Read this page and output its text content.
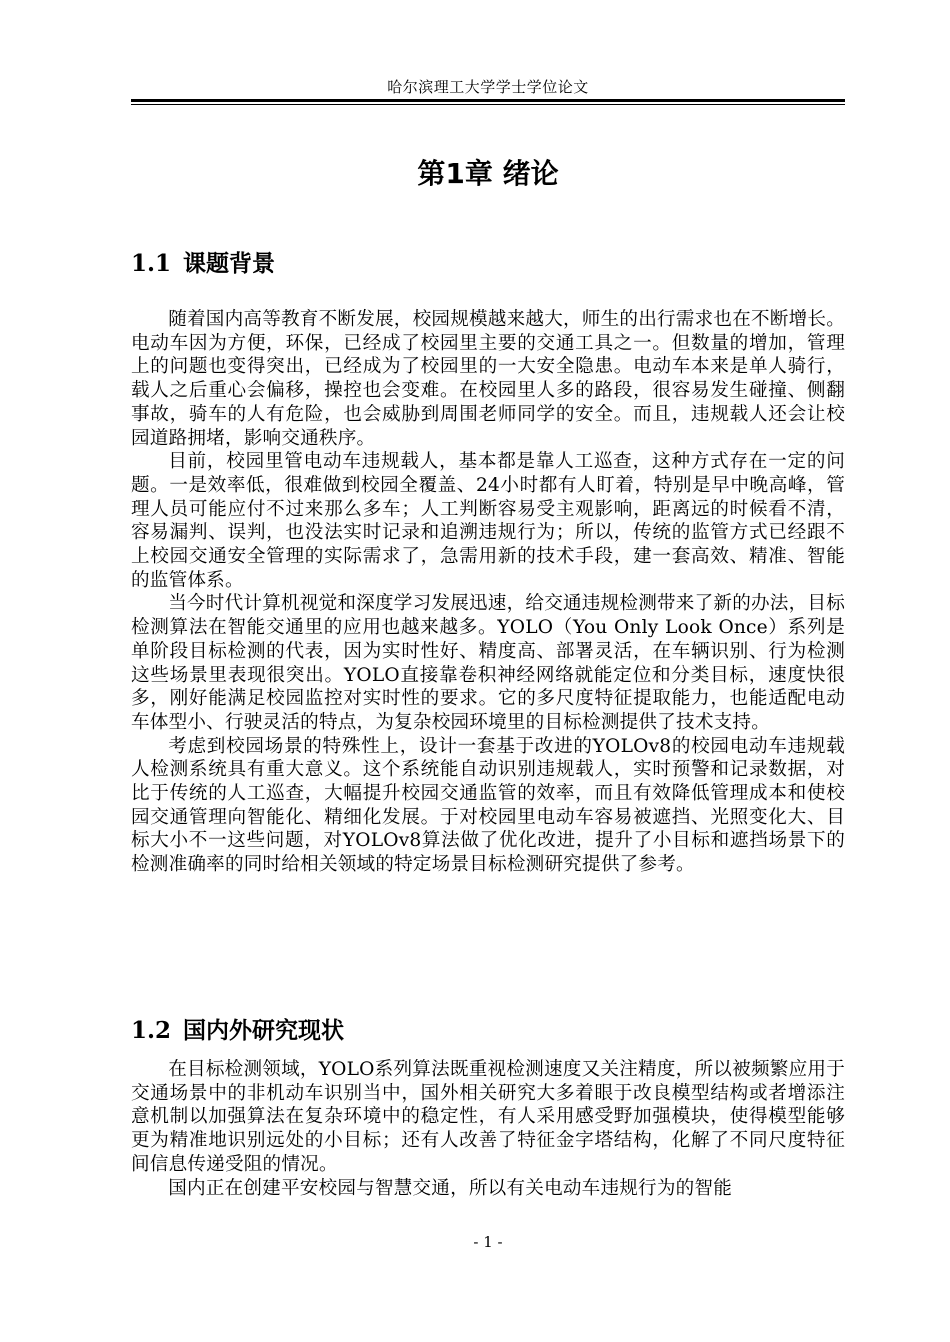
哈尔滨理工大学学士学位论文
第1章 绪论
1.1 课题背景

随着国内高等教育不断发展，校园规模越来越大，师生的出行需求也在不断增长。电动车因为方便，环保，已经成了校园里主要的交通工具之一。但数量的增加，管理上的问题也变得突出，已经成为了校园里的一大安全隐患。电动车本来是单人骑行，载人之后重心会偏移，操控也会变难。在校园里人多的路段，很容易发生碰撞、侧翻事故，骑车的人有危险，也会威胁到周围老师同学的安全。而且，违规载人还会让校园道路拥堵，影响交通秩序。

目前，校园里管电动车违规载人，基本都是靠人工巡查，这种方式存在一定的问题。一是效率低，很难做到校园全覆盖、24小时都有人盯着，特别是早中晚高峰，管理人员可能应付不过来那么多车；人工判断容易受主观影响，距离远的时候看不清，容易漏判、误判，也没法实时记录和追溯违规行为；所以，传统的监管方式已经跟不上校园交通安全管理的实际需求了，急需用新的技术手段，建一套高效、精准、智能的监管体系。

当今时代计算机视觉和深度学习发展迅速，给交通违规检测带来了新的办法，目标检测算法在智能交通里的应用也越来越多。YOLO（You Only Look Once）系列是单阶段目标检测的代表，因为实时性好、精度高、部署灵活，在车辆识别、行为检测这些场景里表现很突出。YOLO直接靠卷积神经网络就能定位和分类目标，速度快很多，刚好能满足校园监控对实时性的要求。它的多尺度特征提取能力，也能适配电动车体型小、行驶灵活的特点，为复杂校园环境里的目标检测提供了技术支持。

考虑到校园场景的特殊性上，设计一套基于改进的YOLOv8的校园电动车违规载人检测系统具有重大意义。这个系统能自动识别违规载人，实时预警和记录数据，对比于传统的人工巡查，大幅提升校园交通监管的效率，而且有效降低管理成本和使校园交通管理向智能化、精细化发展。于对校园里电动车容易被遮挡、光照变化大、目标大小不一这些问题，对YOLOv8算法做了优化改进，提升了小目标和遮挡场景下的检测准确率的同时给相关领域的特定场景目标检测研究提供了参考。

1.2 国内外研究现状

在目标检测领域，YOLO系列算法既重视检测速度又关注精度，所以被频繁应用于交通场景中的非机动车识别当中，国外相关研究大多着眼于改良模型结构或者增添注意机制以加强算法在复杂环境中的稳定性，有人采用感受野加强模块，使得模型能够更为精准地识别远处的小目标；还有人改善了特征金字塔结构，化解了不同尺度特征间信息传递受阻的情况。

国内正在创建平安校园与智慧交通，所以有关电动车违规行为的智能

- 1 -
